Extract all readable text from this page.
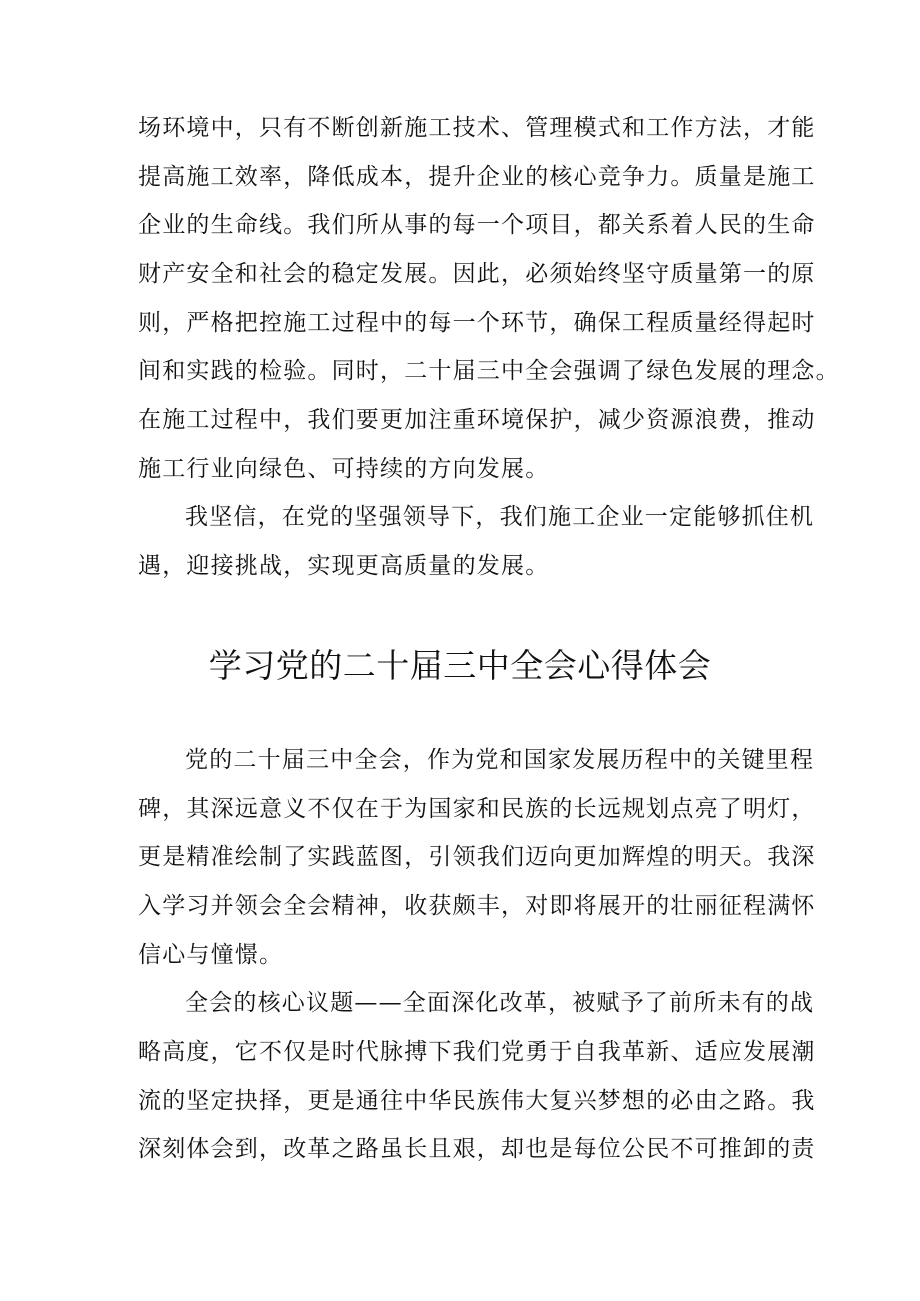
场环境中，只有不断创新施工技术、管理模式和工作方法，才能
提高施工效率，降低成本，提升企业的核心竞争力。质量是施工
企业的生命线。我们所从事的每一个项目，都关系着人民的生命
财产安全和社会的稳定发展。因此，必须始终坚守质量第一的原
则，严格把控施工过程中的每一个环节，确保工程质量经得起时
间和实践的检验。同时，二十届三中全会强调了绿色发展的理念。
在施工过程中，我们要更加注重环境保护，减少资源浪费，推动
施工行业向绿色、可持续的方向发展。
我坚信，在党的坚强领导下，我们施工企业一定能够抓住机
遇，迎接挑战，实现更高质量的发展。
学习党的二十届三中全会心得体会
党的二十届三中全会，作为党和国家发展历程中的关键里程
碑，其深远意义不仅在于为国家和民族的长远规划点亮了明灯，
更是精准绘制了实践蓝图，引领我们迈向更加辉煌的明天。我深
入学习并领会全会精神，收获颇丰，对即将展开的壮丽征程满怀
信心与憧憬。
全会的核心议题——全面深化改革，被赋予了前所未有的战
略高度，它不仅是时代脉搏下我们党勇于自我革新、适应发展潮
流的坚定抉择，更是通往中华民族伟大复兴梦想的必由之路。我
深刻体会到，改革之路虽长且艰，却也是每位公民不可推卸的责
